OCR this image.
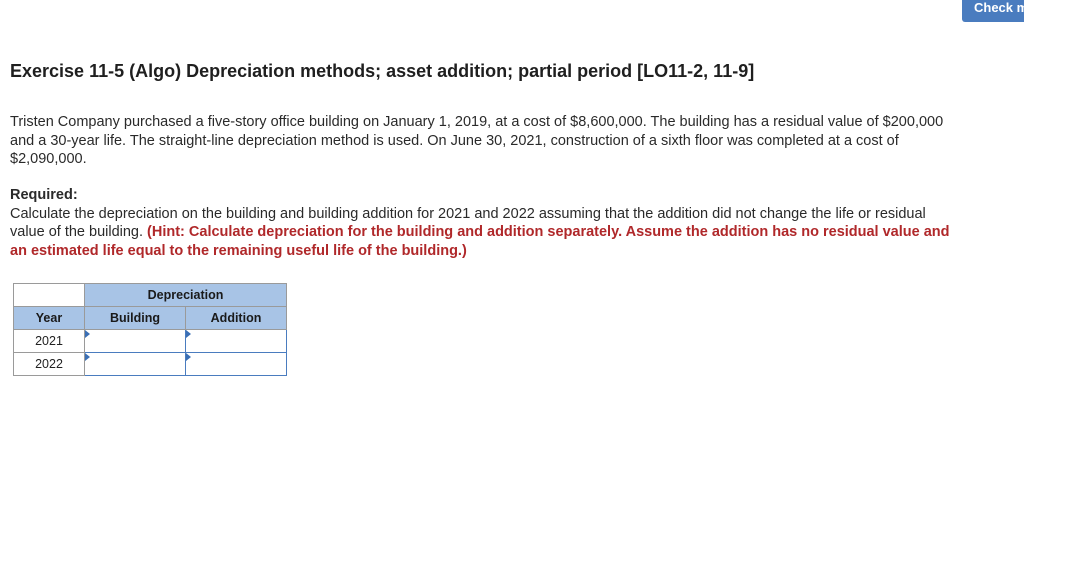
Check my work
Exercise 11-5 (Algo) Depreciation methods; asset addition; partial period [LO11-2, 11-9]

Tristen Company purchased a five-story office building on January 1, 2019, at a cost of $8,600,000. The building has a residual value of $200,000 and a 30-year life. The straight-line depreciation method is used. On June 30, 2021, construction of a sixth floor was completed at a cost of $2,090,000.

Required:
Calculate the depreciation on the building and building addition for 2021 and 2022 assuming that the addition did not change the life or residual value of the building. (Hint: Calculate depreciation for the building and addition separately. Assume the addition has no residual value and an estimated life equal to the remaining useful life of the building.)

	Depreciation	
Year	Building	Addition
2021	

2022	
